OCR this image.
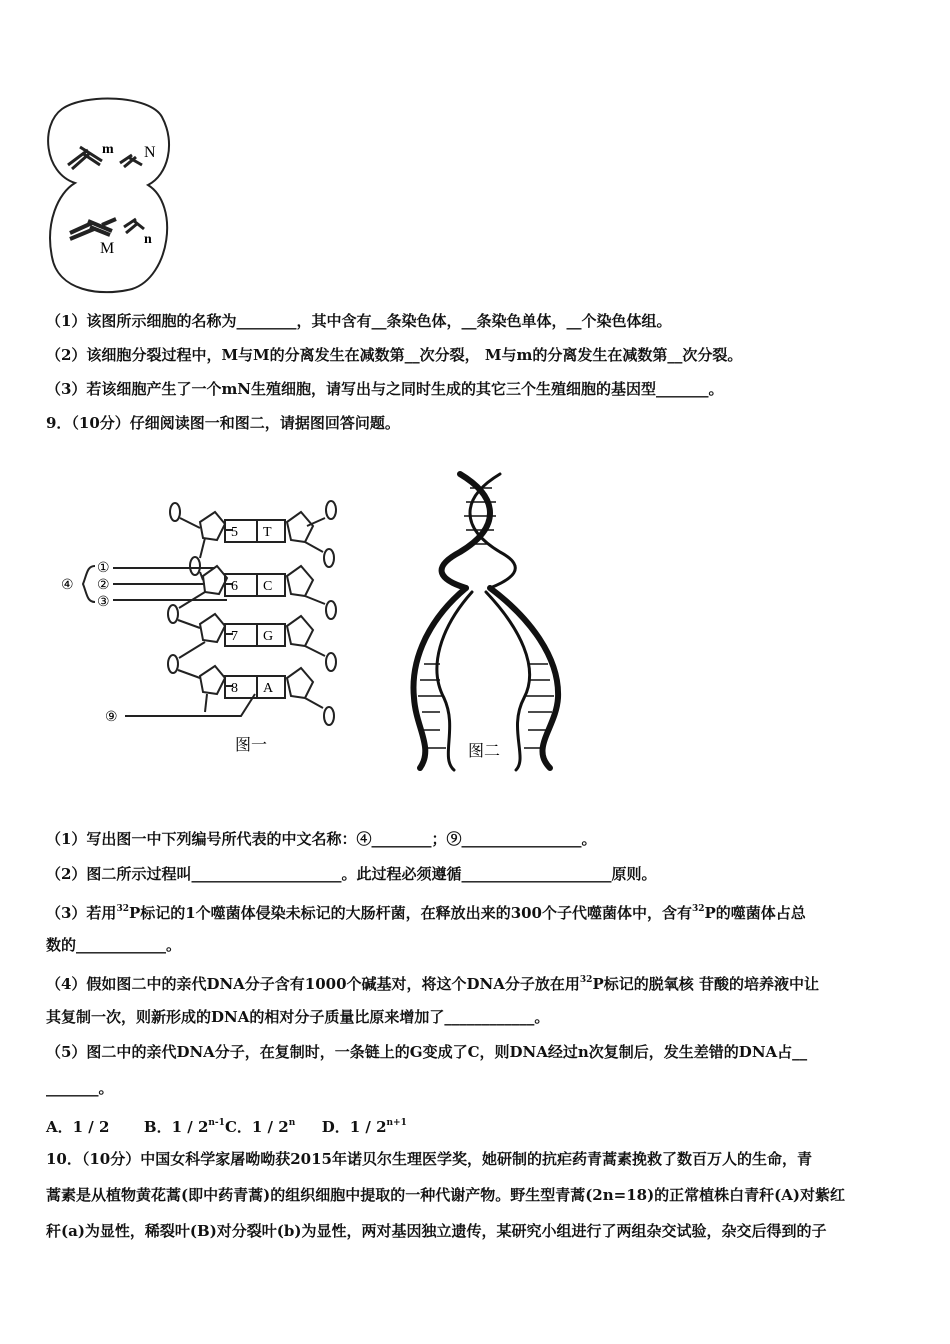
m N
M
n
（1）该图所示细胞的名称为________，其中含有__条染色体，__条染色单体，__个染色体组。
（2）该细胞分裂过程中，M与M的分离发生在减数第__次分裂， M与m的分离发生在减数第__次分裂。
（3）若该细胞产生了一个mN生殖细胞，请写出与之同时生成的其它三个生殖细胞的基因型_______。
9．（10分）仔细阅读图一和图二，请据图回答问题。
5
6
7
8
T
C
G
A
①
②
③
④
⑨
图一	图二
（1）写出图一中下列编号所代表的中文名称：④________；⑨________________。
（2）图二所示过程叫____________________。此过程必须遵循____________________原则。
（3）若用$^{32}$P标记的1个噬菌体侵染未标记的大肠杆菌，在释放出来的300个子代噬菌体中，含有$^{32}$P的噬菌体占总
数的____________。
（4）假如图二中的亲代DNA分子含有1000个碱基对，将这个DNA分子放在用$^{32}$P标记的脱氧核 苷酸的培养液中让
其复制一次，则新形成的DNA的相对分子质量比原来增加了____________。
（5）图二中的亲代DNA分子，在复制时，一条链上的G变成了C，则DNA经过n次复制后，发生差错的DNA占__
_______。
A．1 / 2 B．1 / 2$^{n-1}$C．1 / 2$^n$ D．$1 / 2^{n+1}$
10．（10分）中国女科学家屠呦呦获2015年诺贝尔生理医学奖，她研制的抗疟药青蒿素挽救了数百万人的生命，青
蒿素是从植物黄花蒿(即中药青蒿)的组织细胞中提取的一种代谢产物。野生型青蒿(2n=18)的正常植株白青秆(A)对紫红
秆(a)为显性，稀裂叶(B)对分裂叶(b)为显性，两对基因独立遗传，某研究小组进行了两组杂交试验，杂交后得到的子
